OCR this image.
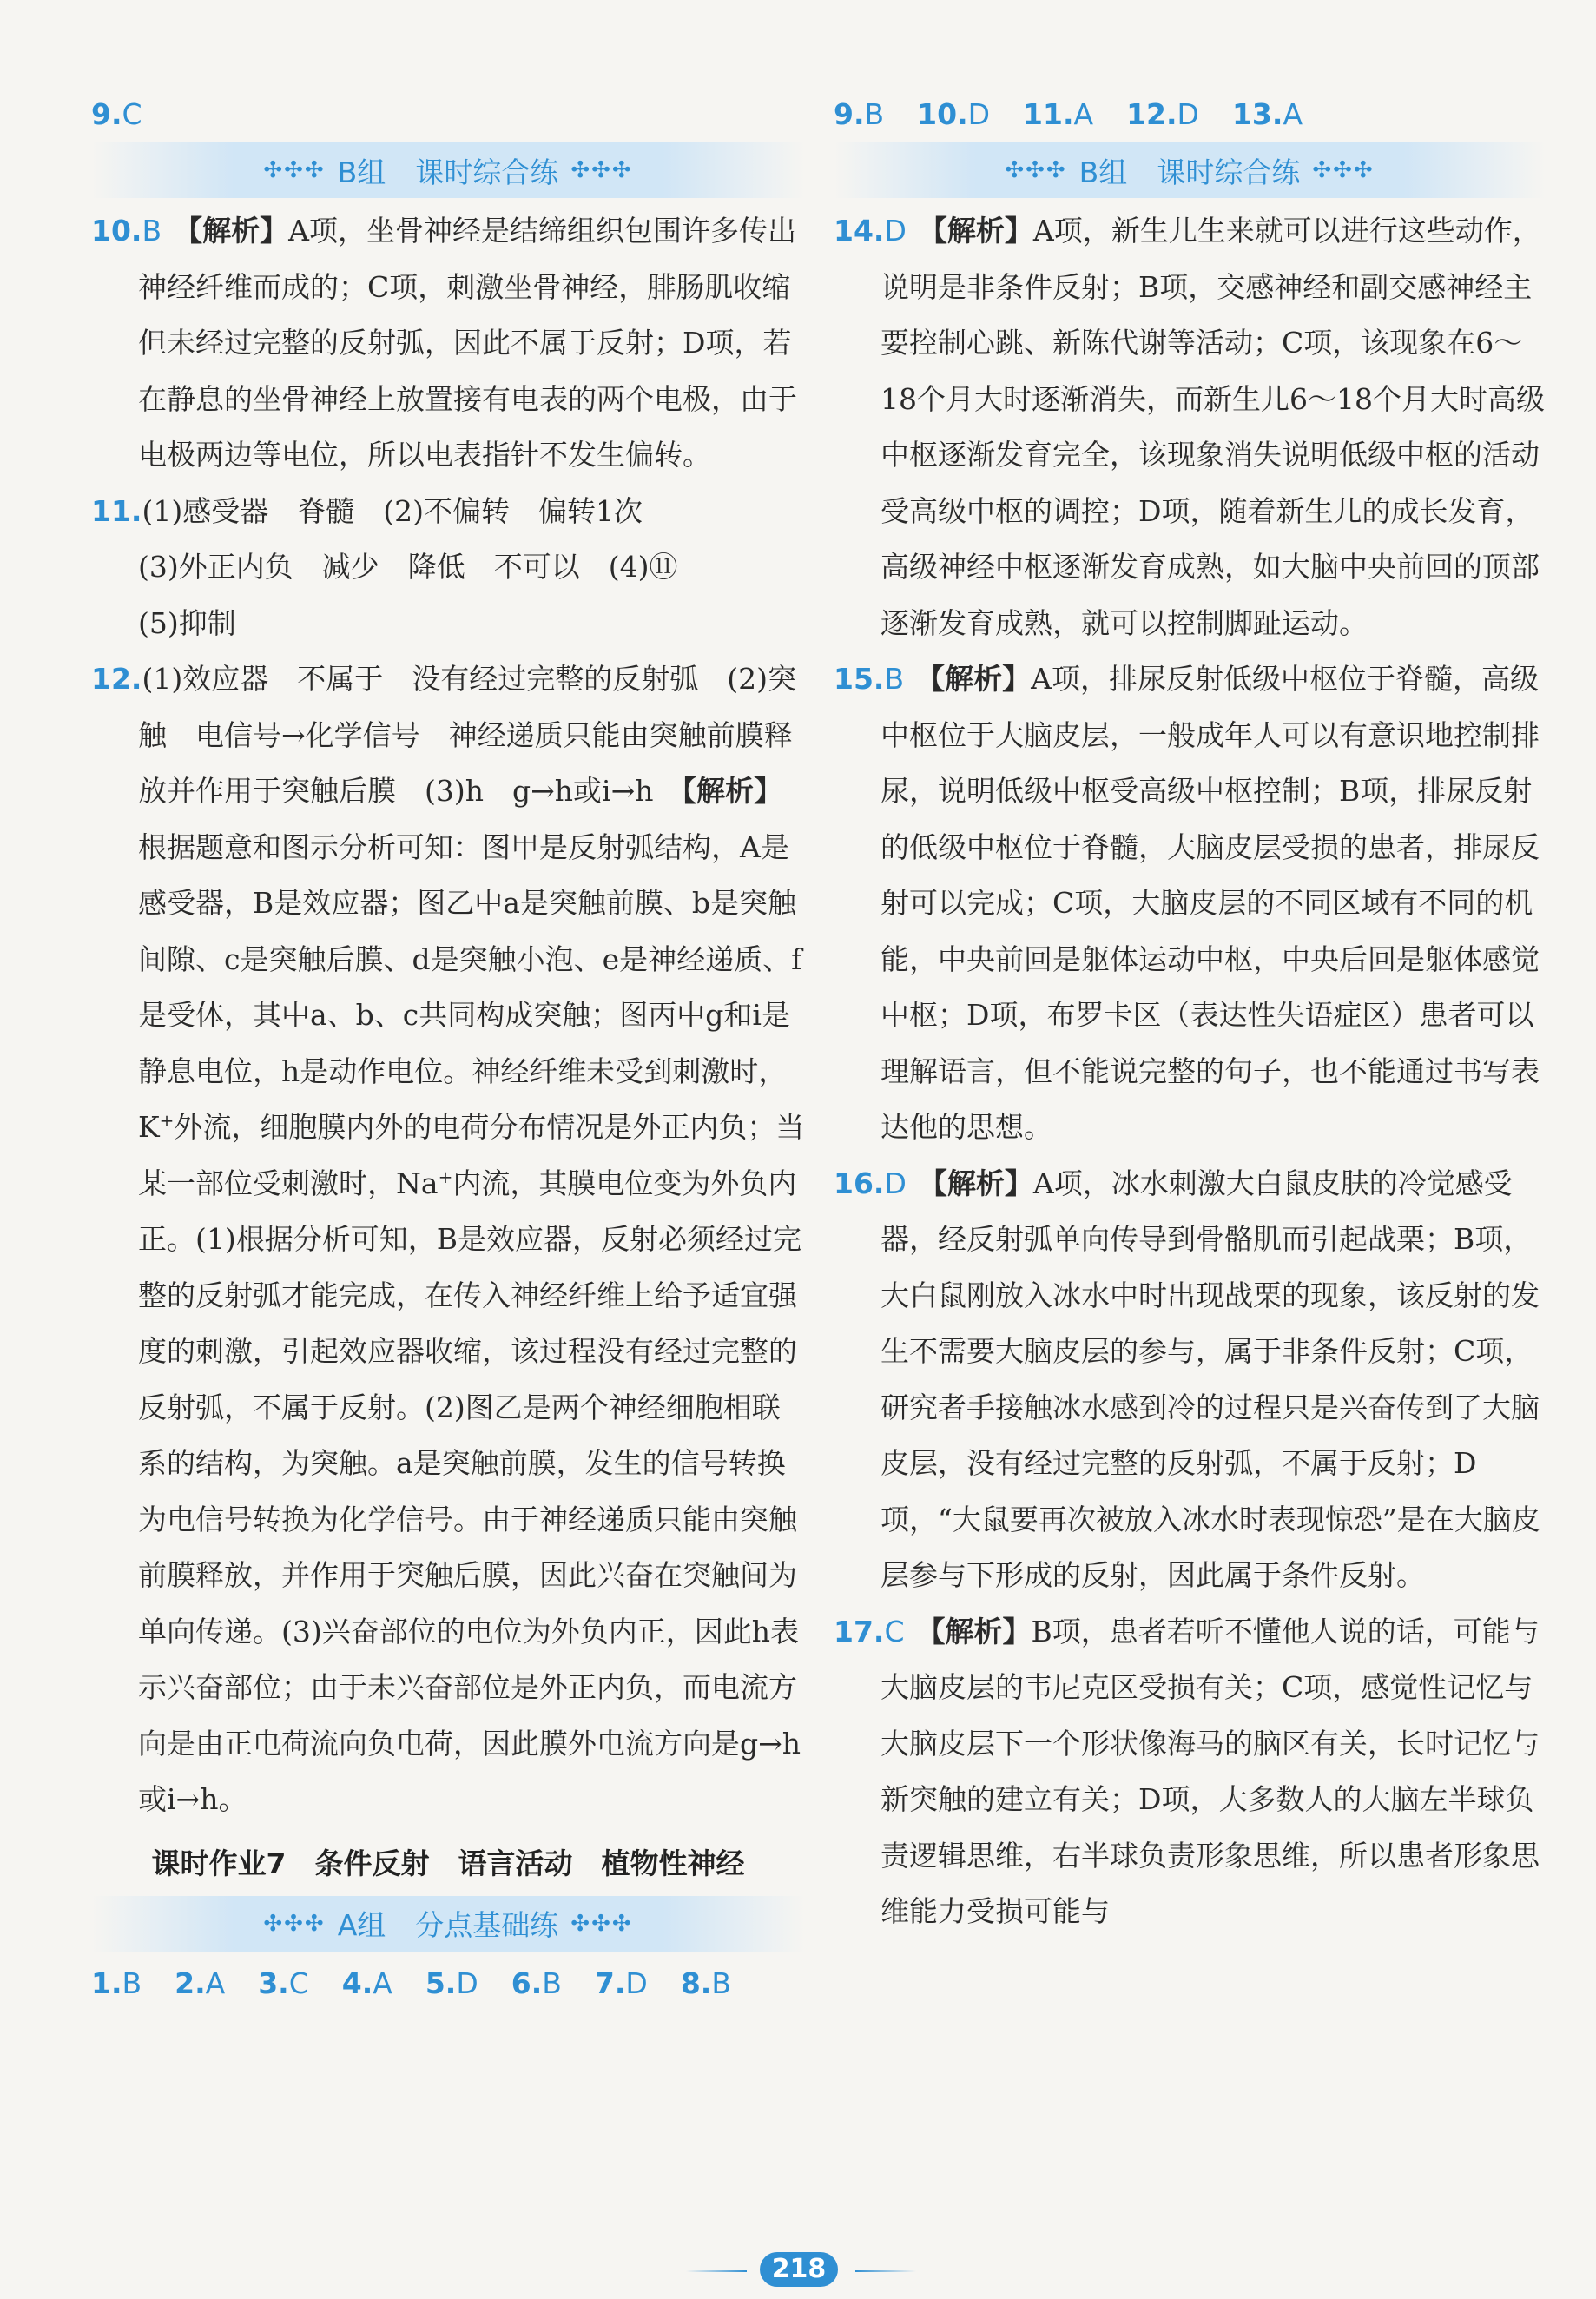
9.C
✣✣✣ B组 课时综合练 ✣✣✣

10.B 【解析】A项，坐骨神经是结缔组织包围许多传出神经纤维而成的；C项，刺激坐骨神经，腓肠肌收缩但未经过完整的反射弧，因此不属于反射；D项，若在静息的坐骨神经上放置接有电表的两个电极，由于电极两边等电位，所以电表指针不发生偏转。

11.(1)感受器　脊髓　(2)不偏转　偏转1次

(3)外正内负　减少　降低　不可以　(4)⑪

(5)抑制

12.(1)效应器　不属于　没有经过完整的反射弧　(2)突触　电信号→化学信号　神经递质只能由突触前膜释放并作用于突触后膜　(3)h　g→h或i→h　【解析】根据题意和图示分析可知：图甲是反射弧结构，A是感受器，B是效应器；图乙中a是突触前膜、b是突触间隙、c是突触后膜、d是突触小泡、e是神经递质、f是受体，其中a、b、c共同构成突触；图丙中g和i是静息电位，h是动作电位。神经纤维未受到刺激时，K+外流，细胞膜内外的电荷分布情况是外正内负；当某一部位受刺激时，Na+内流，其膜电位变为外负内正。(1)根据分析可知，B是效应器，反射必须经过完整的反射弧才能完成，在传入神经纤维上给予适宜强度的刺激，引起效应器收缩，该过程没有经过完整的反射弧，不属于反射。(2)图乙是两个神经细胞相联系的结构，为突触。a是突触前膜，发生的信号转换为电信号转换为化学信号。由于神经递质只能由突触前膜释放，并作用于突触后膜，因此兴奋在突触间为单向传递。(3)兴奋部位的电位为外负内正，因此h表示兴奋部位；由于未兴奋部位是外正内负，而电流方向是由正电荷流向负电荷，因此膜外电流方向是g→h或i→h。

课时作业7　条件反射　语言活动　植物性神经
✣✣✣ A组 分点基础练 ✣✣✣
1.B 2.A 3.C 4.A 5.D 6.B 7.D 8.B
9.B 10.D 11.A 12.D 13.A
✣✣✣ B组 课时综合练 ✣✣✣

14.D 【解析】A项，新生儿生来就可以进行这些动作，说明是非条件反射；B项，交感神经和副交感神经主要控制心跳、新陈代谢等活动；C项，该现象在6～18个月大时逐渐消失，而新生儿6～18个月大时高级中枢逐渐发育完全，该现象消失说明低级中枢的活动受高级中枢的调控；D项，随着新生儿的成长发育，高级神经中枢逐渐发育成熟，如大脑中央前回的顶部逐渐发育成熟，就可以控制脚趾运动。

15.B 【解析】A项，排尿反射低级中枢位于脊髓，高级中枢位于大脑皮层，一般成年人可以有意识地控制排尿，说明低级中枢受高级中枢控制；B项，排尿反射的低级中枢位于脊髓，大脑皮层受损的患者，排尿反射可以完成；C项，大脑皮层的不同区域有不同的机能，中央前回是躯体运动中枢，中央后回是躯体感觉中枢；D项，布罗卡区（表达性失语症区）患者可以理解语言，但不能说完整的句子，也不能通过书写表达他的思想。

16.D 【解析】A项，冰水刺激大白鼠皮肤的冷觉感受器，经反射弧单向传导到骨骼肌而引起战栗；B项，大白鼠刚放入冰水中时出现战栗的现象，该反射的发生不需要大脑皮层的参与，属于非条件反射；C项，研究者手接触冰水感到冷的过程只是兴奋传到了大脑皮层，没有经过完整的反射弧，不属于反射；D项，“大鼠要再次被放入冰水时表现惊恐”是在大脑皮层参与下形成的反射，因此属于条件反射。

17.C 【解析】B项，患者若听不懂他人说的话，可能与大脑皮层的韦尼克区受损有关；C项，感觉性记忆与大脑皮层下一个形状像海马的脑区有关，长时记忆与新突触的建立有关；D项，大多数人的大脑左半球负责逻辑思维，右半球负责形象思维，所以患者形象思维能力受损可能与

218
